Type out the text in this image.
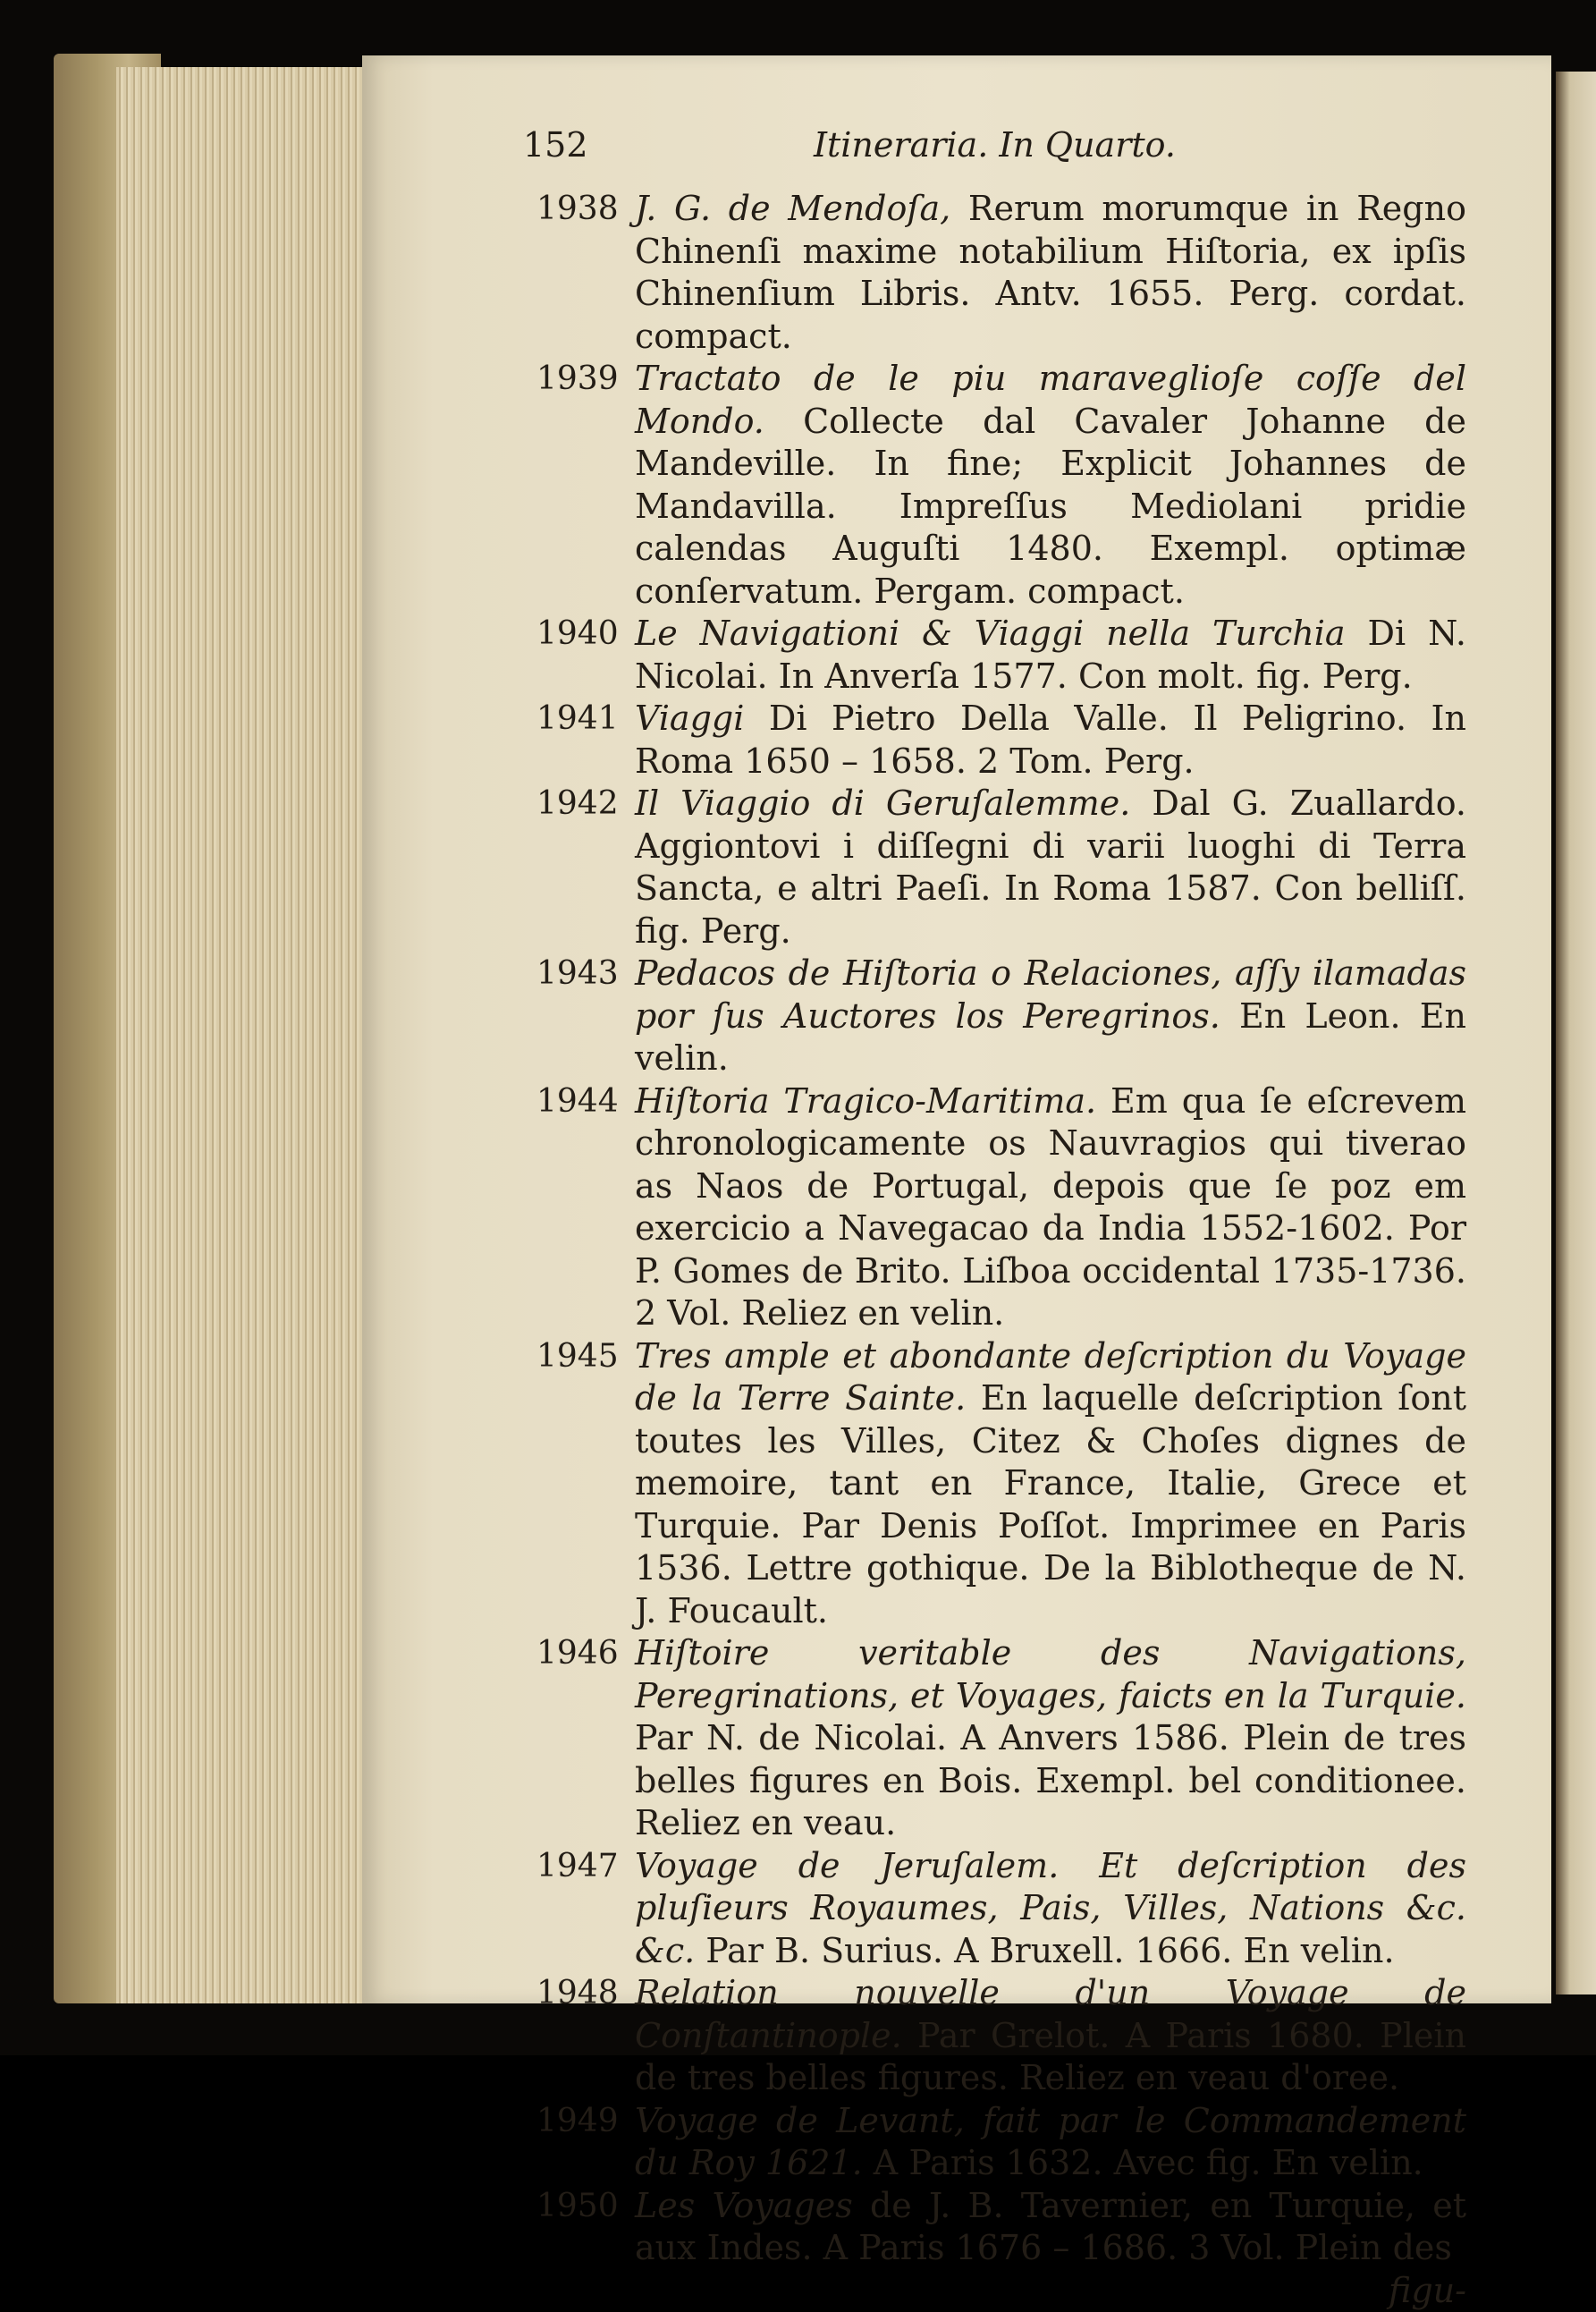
152	Itineraria. In Quarto.
1938 J. G. de Mendoſa, Rerum morumque in Regno Chinenſi maxime notabilium Hiſtoria, ex ipſis Chinenſium Libris. Antv. 1655. Perg. cordat. compact.
1939 Tractato de le piu maraveglioſe coſſe del Mondo. Collecte dal Cavaler Johanne de Mandeville. In fine; Explicit Johannes de Mandavilla. Impreſſus Mediolani pridie calendas Auguſti 1480. Exempl. optimæ conſervatum. Pergam. compact.
1940 Le Navigationi & Viaggi nella Turchia Di N. Nicolai. In Anverſa 1577. Con molt. fig. Perg.
1941 Viaggi Di Pietro Della Valle. Il Peligrino. In Roma 1650 – 1658. 2 Tom. Perg.
1942 Il Viaggio di Geruſalemme. Dal G. Zuallardo. Aggiontovi i diſſegni di varii luoghi di Terra Sancta, e altri Paeſi. In Roma 1587. Con belliſſ. fig. Perg.
1943 Pedacos de Hiſtoria o Relaciones, aſſy ilamadas por ſus Auctores los Peregrinos. En Leon. En velin.
1944 Hiſtoria Tragico-Maritima. Em qua ſe eſcrevem chronologicamente os Nauvragios qui tiverao as Naos de Portugal, depois que ſe poz em exercicio a Navegacao da India 1552-1602. Por P. Gomes de Brito. Liſboa occidental 1735-1736. 2 Vol. Reliez en velin.
1945 Tres ample et abondante deſcription du Voyage de la Terre Sainte. En laquelle deſcription ſont toutes les Villes, Citez & Choſes dignes de memoire, tant en France, Italie, Grece et Turquie. Par Denis Poſſot. Imprimee en Paris 1536. Lettre gothique. De la Biblotheque de N. J. Foucault.
1946 Hiſtoire veritable des Navigations, Peregrinations, et Voyages, faicts en la Turquie. Par N. de Nicolai. A Anvers 1586. Plein de tres belles figures en Bois. Exempl. bel conditionee. Reliez en veau.
1947 Voyage de Jeruſalem. Et deſcription des pluſieurs Royaumes, Pais, Villes, Nations &c. &c. Par B. Surius. A Bruxell. 1666. En velin.
1948 Relation nouvelle d'un Voyage de Conſtantinople. Par Grelot. A Paris 1680. Plein de tres belles figures. Reliez en veau d'oree.
1949 Voyage de Levant, fait par le Commandement du Roy 1621. A Paris 1632. Avec fig. En velin.
1950 Les Voyages de J. B. Tavernier, en Turquie, et aux Indes. A Paris 1676 – 1686. 3 Vol. Plein des
figu-
